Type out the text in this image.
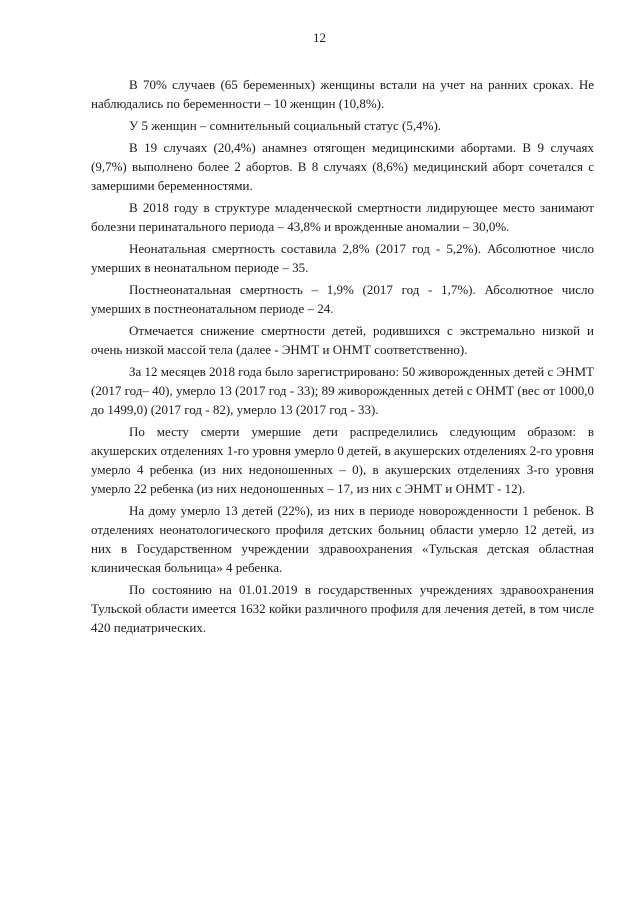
12

В 70% случаев (65 беременных) женщины встали на учет на ранних сроках. Не наблюдались по беременности – 10 женщин (10,8%).

У 5 женщин – сомнительный социальный статус (5,4%).

В 19 случаях (20,4%) анамнез отягощен медицинскими абортами. В 9 случаях (9,7%) выполнено более 2 абортов. В 8 случаях (8,6%) медицинский аборт сочетался с замершими беременностями.

В 2018 году в структуре младенческой смертности лидирующее место занимают болезни перинатального периода – 43,8% и врожденные аномалии – 30,0%.

Неонатальная смертность составила 2,8% (2017 год - 5,2%). Абсолютное число умерших в неонатальном периоде – 35.

Постнеонатальная смертность – 1,9% (2017 год - 1,7%). Абсолютное число умерших в постнеонатальном периоде – 24.

Отмечается снижение смертности детей, родившихся с экстремально низкой и очень низкой массой тела (далее - ЭНМТ и ОНМТ соответственно).

За 12 месяцев 2018 года было зарегистрировано: 50 живорожденных детей с ЭНМТ (2017 год– 40), умерло 13 (2017 год - 33); 89 живорожденных детей с ОНМТ (вес от 1000,0 до 1499,0) (2017 год - 82), умерло 13 (2017 год - 33).

По месту смерти умершие дети распределились следующим образом: в акушерских отделениях 1-го уровня умерло 0 детей, в акушерских отделениях 2-го уровня умерло 4 ребенка (из них недоношенных – 0), в акушерских отделениях 3-го уровня умерло 22 ребенка (из них недоношенных – 17, из них с ЭНМТ и ОНМТ - 12).

На дому умерло 13 детей (22%), из них в периоде новорожденности 1 ребенок. В отделениях неонатологического профиля детских больниц области умерло 12 детей, из них в Государственном учреждении здравоохранения «Тульская детская областная клиническая больница» 4 ребенка.

По состоянию на 01.01.2019 в государственных учреждениях здравоохранения Тульской области имеется 1632 койки различного профиля для лечения детей, в том числе 420 педиатрических.
